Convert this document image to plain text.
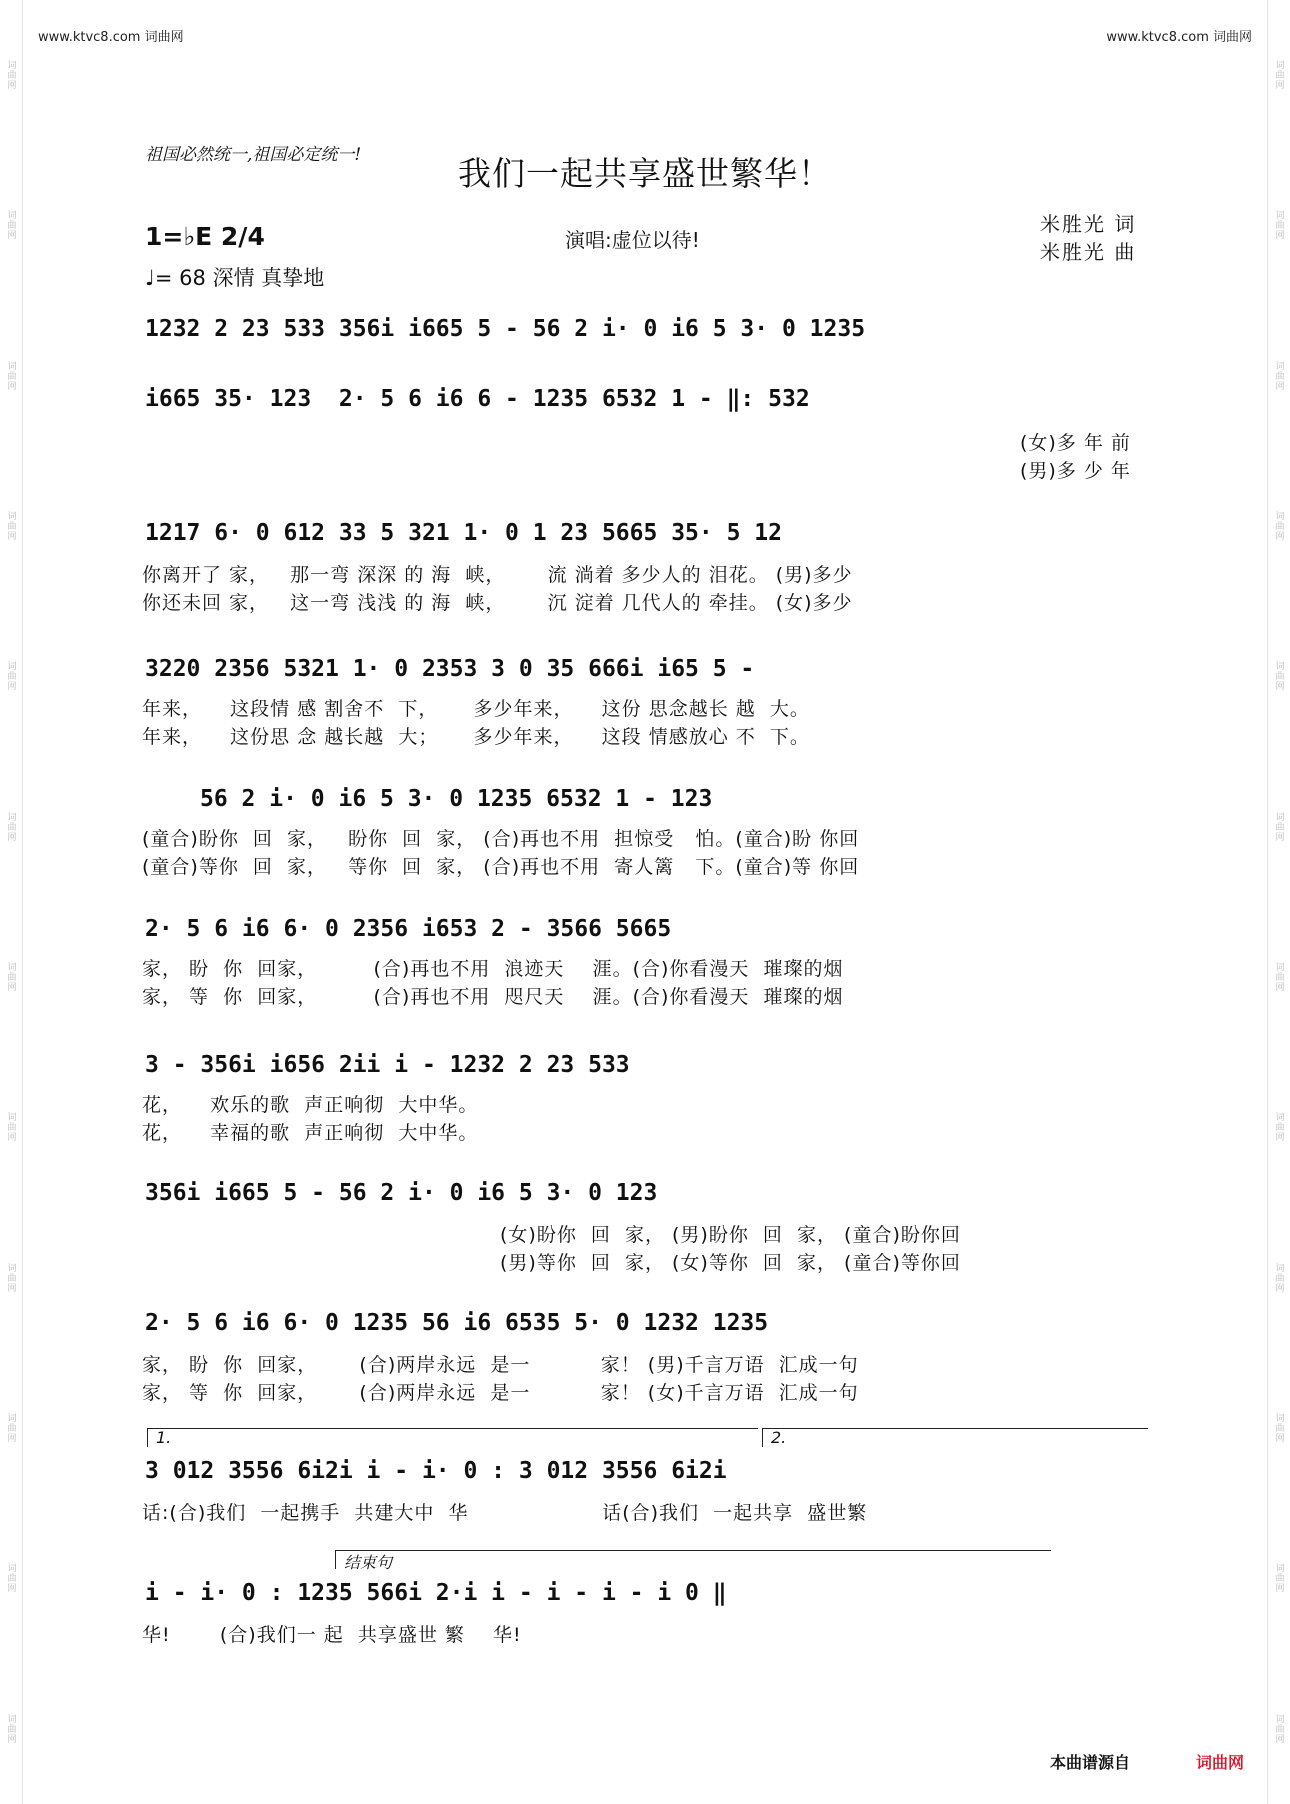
词曲网
词曲网
词曲网
词曲网
词曲网
词曲网
词曲网
词曲网
词曲网
词曲网
词曲网
词曲网
词曲网
词曲网
词曲网
词曲网
词曲网
词曲网
词曲网
词曲网
词曲网
词曲网
词曲网
词曲网
www.ktvc8.com 词曲网	www.ktvc8.com 词曲网
祖国必然统一,祖国必定统一!	我们一起共享盛世繁华！
1=♭E 2/4
♩= 68 深情 真挚地
演唱:虚位以待!
米胜光 词
米胜光 曲
1232 2 23 533 356i i665 5 - 56 2 i· 0 i6 5 3· 0 1235
i665 35· 123  2· 5 6 i6 6 - 1235 6532 1 - ‖: 532
(女)多 年 前
(男)多 少 年
1217 6· 0 612 33 5 321 1· 0 1 23 5665 35· 5 12
你离开了 家，   那一弯 深深 的 海  峡，      流 淌着 多少人的 泪花。 (男)多少
你还未回 家，   这一弯 浅浅 的 海  峡，      沉 淀着 几代人的 牵挂。 (女)多少
3220 2356 5321 1· 0 2353 3 0 35 666i i65 5 -
年来，    这段情 感 割舍不  下，     多少年来，    这份 思念越长 越  大。
年来，    这份思 念 越长越  大；     多少年来，    这段 情感放心 不  下。
56 2 i· 0 i6 5 3· 0 1235 6532 1 - 123
(童合)盼你  回  家，   盼你  回  家， (合)再也不用  担惊受   怕。(童合)盼 你回
(童合)等你  回  家，   等你  回  家， (合)再也不用  寄人篱   下。(童合)等 你回
2· 5 6 i6 6· 0 2356 i653 2 - 3566 5665
家， 盼  你  回家，        (合)再也不用  浪迹天    涯。(合)你看漫天  璀璨的烟
家， 等  你  回家，        (合)再也不用  咫尺天    涯。(合)你看漫天  璀璨的烟
3 - 356i i656 2ii i - 1232 2 23 533
花，    欢乐的歌  声正响彻  大中华。
花，    幸福的歌  声正响彻  大中华。
356i i665 5 - 56 2 i· 0 i6 5 3· 0 123
(女)盼你  回  家， (男)盼你  回  家， (童合)盼你回
(男)等你  回  家， (女)等你  回  家， (童合)等你回
2· 5 6 i6 6· 0 1235 56 i6 6535 5· 0 1232 1235
家， 盼  你  回家，      (合)两岸永远  是一          家！ (男)千言万语  汇成一句
家， 等  你  回家，      (合)两岸永远  是一          家！ (女)千言万语  汇成一句
1.	2.
3 012 3556 6i2i i - i· 0 : 3 012 3556 6i2i
话:(合)我们  一起携手  共建大中  华                   话(合)我们  一起共享  盛世繁
结束句
i - i· 0 : 1235 566i 2·i i - i - i - i 0 ‖
华!       (合)我们一 起  共享盛世 繁    华!
本曲谱源自	词曲网
